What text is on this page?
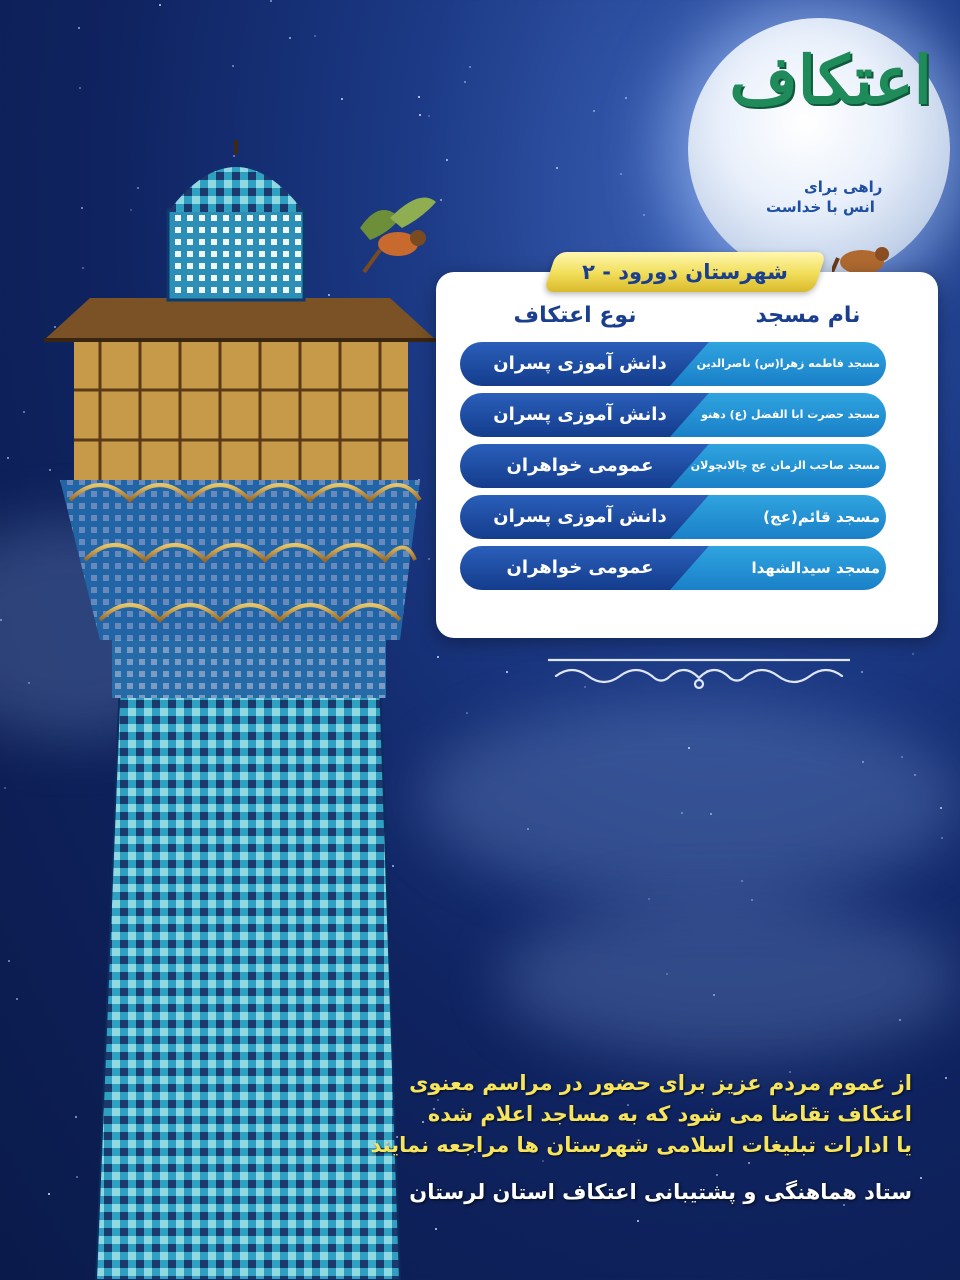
اعتکاف
راهی برای
انس با خداست
شهرستان دورود - ۲
نام مسجد
نوع اعتکاف
دانش آموزی پسران	مسجد فاطمه زهرا(س) ناصرالدین
دانش آموزی پسران	مسجد حضرت ابا الفضل (ع) دهنو
عمومی خواهران	مسجد صاحب الزمان عج چالانچولان
دانش آموزی پسران	مسجد قائم(عج)
عمومی خواهران	مسجد سیدالشهدا

از عموم مردم عزیز برای حضور در مراسم معنوی

اعتکاف تقاضا می شود که به مساجد اعلام شده

یا ادارات تبلیغات اسلامی شهرستان ها مراجعه نمایند

ستاد هماهنگی و پشتیبانی اعتکاف استان لرستان
